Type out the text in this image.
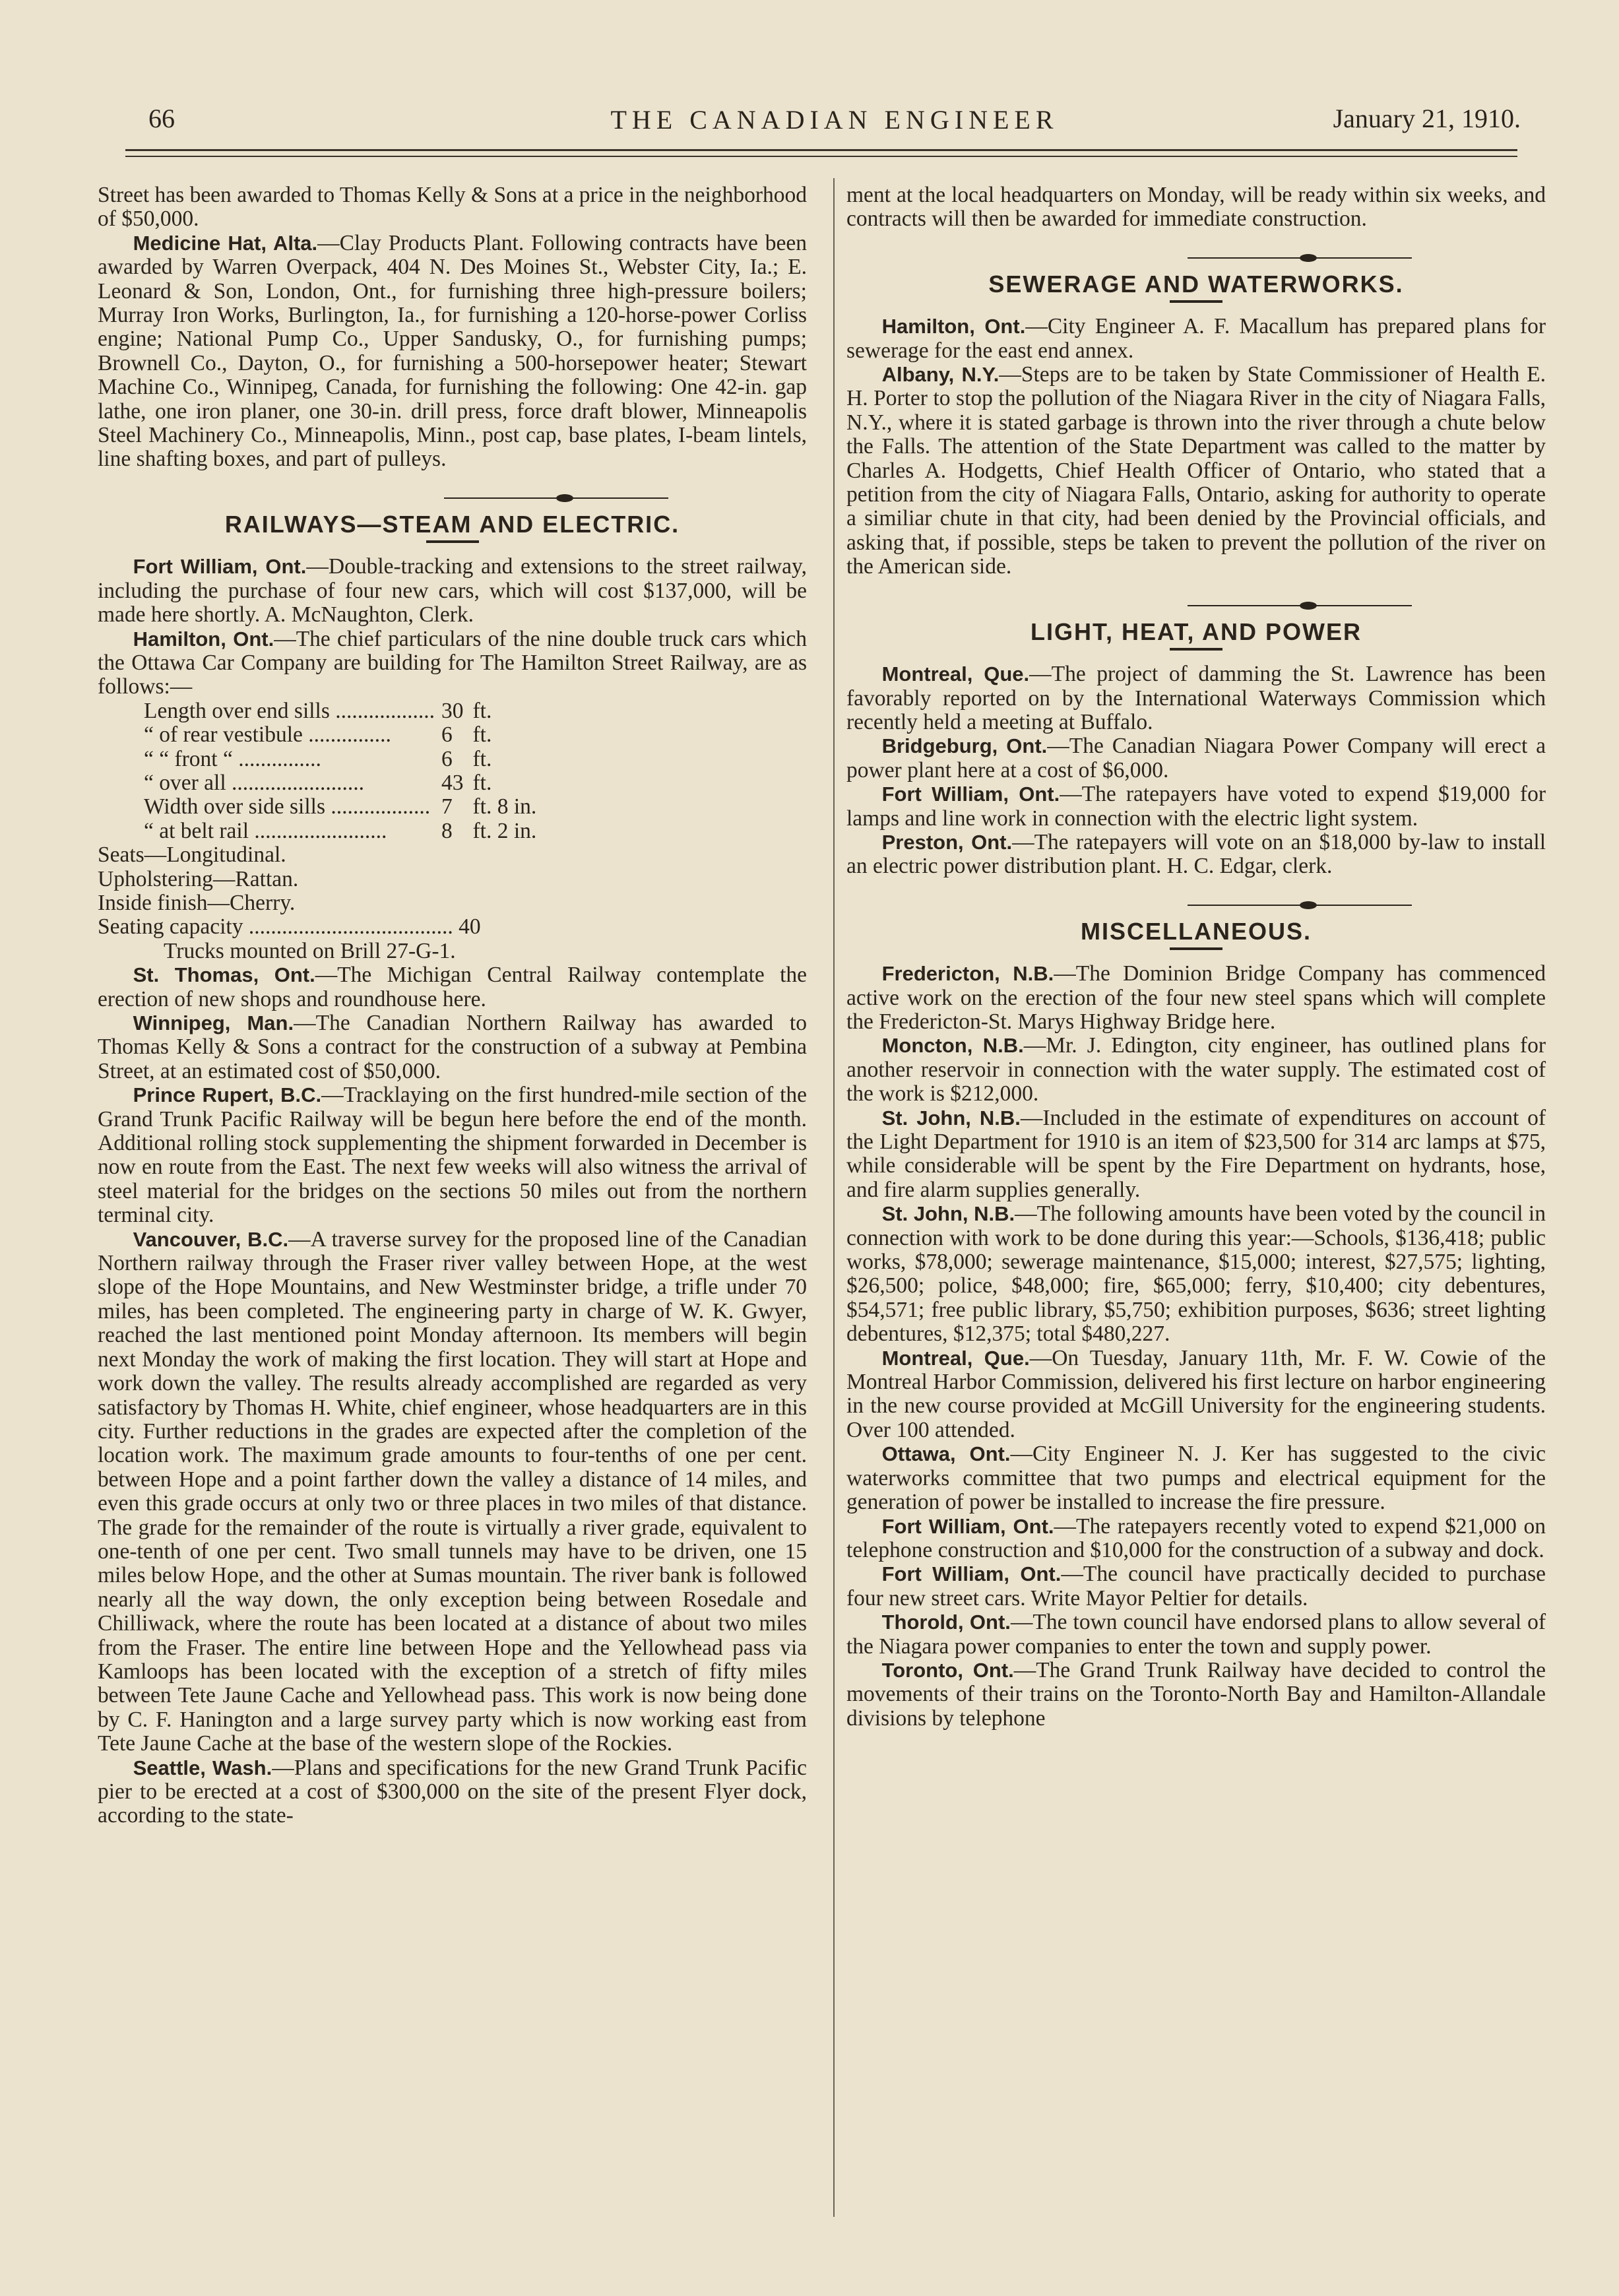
66	THE CANADIAN ENGINEER	January 21, 1910.

Street has been awarded to Thomas Kelly & Sons at a price in the neighborhood of $50,000.

Medicine Hat, Alta.—Clay Products Plant. Following contracts have been awarded by Warren Overpack, 404 N. Des Moines St., Webster City, Ia.; E. Leonard & Son, London, Ont., for furnishing three high-pressure boilers; Murray Iron Works, Burlington, Ia., for furnishing a 120-horse-power Corliss engine; National Pump Co., Upper Sandusky, O., for furnishing pumps; Brownell Co., Dayton, O., for furnishing a 500-horsepower heater; Stewart Machine Co., Winnipeg, Canada, for furnishing the following: One 42-in. gap lathe, one iron planer, one 30-in. drill press, force draft blower, Minneapolis Steel Machinery Co., Minneapolis, Minn., post cap, base plates, I-beam lintels, line shafting boxes, and part of pulleys.

RAILWAYS—STEAM AND ELECTRIC.

Fort William, Ont.—Double-tracking and extensions to the street railway, including the purchase of four new cars, which will cost $137,000, will be made here shortly. A. McNaughton, Clerk.

Hamilton, Ont.—The chief particulars of the nine double truck cars which the Ottawa Car Company are building for The Hamilton Street Railway, are as follows:—

Length over end sills ..................	30	ft.
“ of rear vestibule ...............	6	ft.
“ “ front “ ...............	6	ft.
“ over all ........................	43	ft.
Width over side sills ..................	7	ft. 8 in.
“ at belt rail ........................	8	ft. 2 in.

Seats—Longitudinal.

Upholstering—Rattan.

Inside finish—Cherry.

Seating capacity ..................................... 40

Trucks mounted on Brill 27-G-1.

St. Thomas, Ont.—The Michigan Central Railway contemplate the erection of new shops and roundhouse here.

Winnipeg, Man.—The Canadian Northern Railway has awarded to Thomas Kelly & Sons a contract for the construction of a subway at Pembina Street, at an estimated cost of $50,000.

Prince Rupert, B.C.—Tracklaying on the first hundred-mile section of the Grand Trunk Pacific Railway will be begun here before the end of the month. Additional rolling stock supplementing the shipment forwarded in December is now en route from the East. The next few weeks will also witness the arrival of steel material for the bridges on the sections 50 miles out from the northern terminal city.

Vancouver, B.C.—A traverse survey for the proposed line of the Canadian Northern railway through the Fraser river valley between Hope, at the west slope of the Hope Mountains, and New Westminster bridge, a trifle under 70 miles, has been completed. The engineering party in charge of W. K. Gwyer, reached the last mentioned point Monday afternoon. Its members will begin next Monday the work of making the first location. They will start at Hope and work down the valley. The results already accomplished are regarded as very satisfactory by Thomas H. White, chief engineer, whose headquarters are in this city. Further reductions in the grades are expected after the completion of the location work. The maximum grade amounts to four-tenths of one per cent. between Hope and a point farther down the valley a distance of 14 miles, and even this grade occurs at only two or three places in two miles of that distance. The grade for the remainder of the route is virtually a river grade, equivalent to one-tenth of one per cent. Two small tunnels may have to be driven, one 15 miles below Hope, and the other at Sumas mountain. The river bank is followed nearly all the way down, the only exception being between Rosedale and Chilliwack, where the route has been located at a distance of about two miles from the Fraser. The entire line between Hope and the Yellowhead pass via Kamloops has been located with the exception of a stretch of fifty miles between Tete Jaune Cache and Yellowhead pass. This work is now being done by C. F. Hanington and a large survey party which is now working east from Tete Jaune Cache at the base of the western slope of the Rockies.

Seattle, Wash.—Plans and specifications for the new Grand Trunk Pacific pier to be erected at a cost of $300,000 on the site of the present Flyer dock, according to the state-

ment at the local headquarters on Monday, will be ready within six weeks, and contracts will then be awarded for immediate construction.

SEWERAGE AND WATERWORKS.

Hamilton, Ont.—City Engineer A. F. Macallum has prepared plans for sewerage for the east end annex.

Albany, N.Y.—Steps are to be taken by State Commissioner of Health E. H. Porter to stop the pollution of the Niagara River in the city of Niagara Falls, N.Y., where it is stated garbage is thrown into the river through a chute below the Falls. The attention of the State Department was called to the matter by Charles A. Hodgetts, Chief Health Officer of Ontario, who stated that a petition from the city of Niagara Falls, Ontario, asking for authority to operate a similiar chute in that city, had been denied by the Provincial officials, and asking that, if possible, steps be taken to prevent the pollution of the river on the American side.

LIGHT, HEAT, AND POWER

Montreal, Que.—The project of damming the St. Lawrence has been favorably reported on by the International Waterways Commission which recently held a meeting at Buffalo.

Bridgeburg, Ont.—The Canadian Niagara Power Company will erect a power plant here at a cost of $6,000.

Fort William, Ont.—The ratepayers have voted to expend $19,000 for lamps and line work in connection with the electric light system.

Preston, Ont.—The ratepayers will vote on an $18,000 by-law to install an electric power distribution plant. H. C. Edgar, clerk.

MISCELLANEOUS.

Fredericton, N.B.—The Dominion Bridge Company has commenced active work on the erection of the four new steel spans which will complete the Fredericton-St. Marys Highway Bridge here.

Moncton, N.B.—Mr. J. Edington, city engineer, has outlined plans for another reservoir in connection with the water supply. The estimated cost of the work is $212,000.

St. John, N.B.—Included in the estimate of expenditures on account of the Light Department for 1910 is an item of $23,500 for 314 arc lamps at $75, while considerable will be spent by the Fire Department on hydrants, hose, and fire alarm supplies generally.

St. John, N.B.—The following amounts have been voted by the council in connection with work to be done during this year:—Schools, $136,418; public works, $78,000; sewerage maintenance, $15,000; interest, $27,575; lighting, $26,500; police, $48,000; fire, $65,000; ferry, $10,400; city debentures, $54,571; free public library, $5,750; exhibition purposes, $636; street lighting debentures, $12,375; total $480,227.

Montreal, Que.—On Tuesday, January 11th, Mr. F. W. Cowie of the Montreal Harbor Commission, delivered his first lecture on harbor engineering in the new course provided at McGill University for the engineering students. Over 100 attended.

Ottawa, Ont.—City Engineer N. J. Ker has suggested to the civic waterworks committee that two pumps and electrical equipment for the generation of power be installed to increase the fire pressure.

Fort William, Ont.—The ratepayers recently voted to expend $21,000 on telephone construction and $10,000 for the construction of a subway and dock.

Fort William, Ont.—The council have practically decided to purchase four new street cars. Write Mayor Peltier for details.

Thorold, Ont.—The town council have endorsed plans to allow several of the Niagara power companies to enter the town and supply power.

Toronto, Ont.—The Grand Trunk Railway have decided to control the movements of their trains on the Toronto-North Bay and Hamilton-Allandale divisions by telephone
